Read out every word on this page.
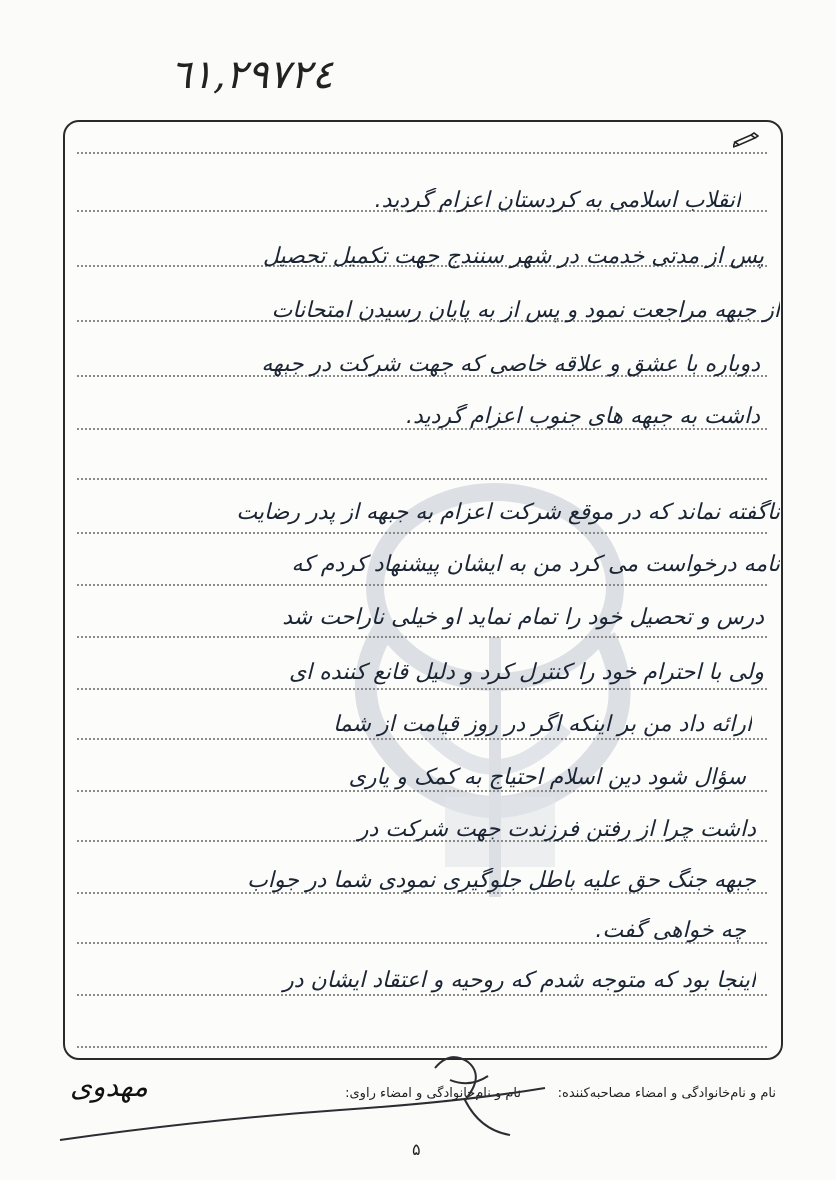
٦١,٢٩٧٢٤
انقلاب اسلامی به کردستان اعزام گردید.
پس از مدتی خدمت در شهر سنندج جهت تکمیل تحصیل
از جبهه مراجعت نمود و پس از به پایان رسیدن امتحانات
دوباره با عشق و علاقه خاصی که جهت شرکت در جبهه
داشت به جبهه های جنوب اعزام گردید.
ناگفته نماند که در موقع شرکت اعزام به جبهه از پدر رضایت
نامه درخواست می کرد من به ایشان پیشنهاد کردم که
درس و تحصیل خود را تمام نماید او خیلی ناراحت شد
ولی با احترام خود را کنترل کرد و دلیل قانع کننده ای
ارائه داد من بر اینکه اگر در روز قیامت از شما
سؤال شود دین اسلام احتیاج به کمک و یاری
داشت چرا از رفتن فرزندت جهت شرکت در
جبهه جنگ حق علیه باطل جلوگیری نمودی شما در جواب
چه خواهی گفت.
اینجا بود که متوجه شدم که روحیه و اعتقاد ایشان در
نام و نام‌خانوادگی و امضاء مصاحبه‌کننده:
نام و نام‌خانوادگی و امضاء راوی:
مهدوی
۵
